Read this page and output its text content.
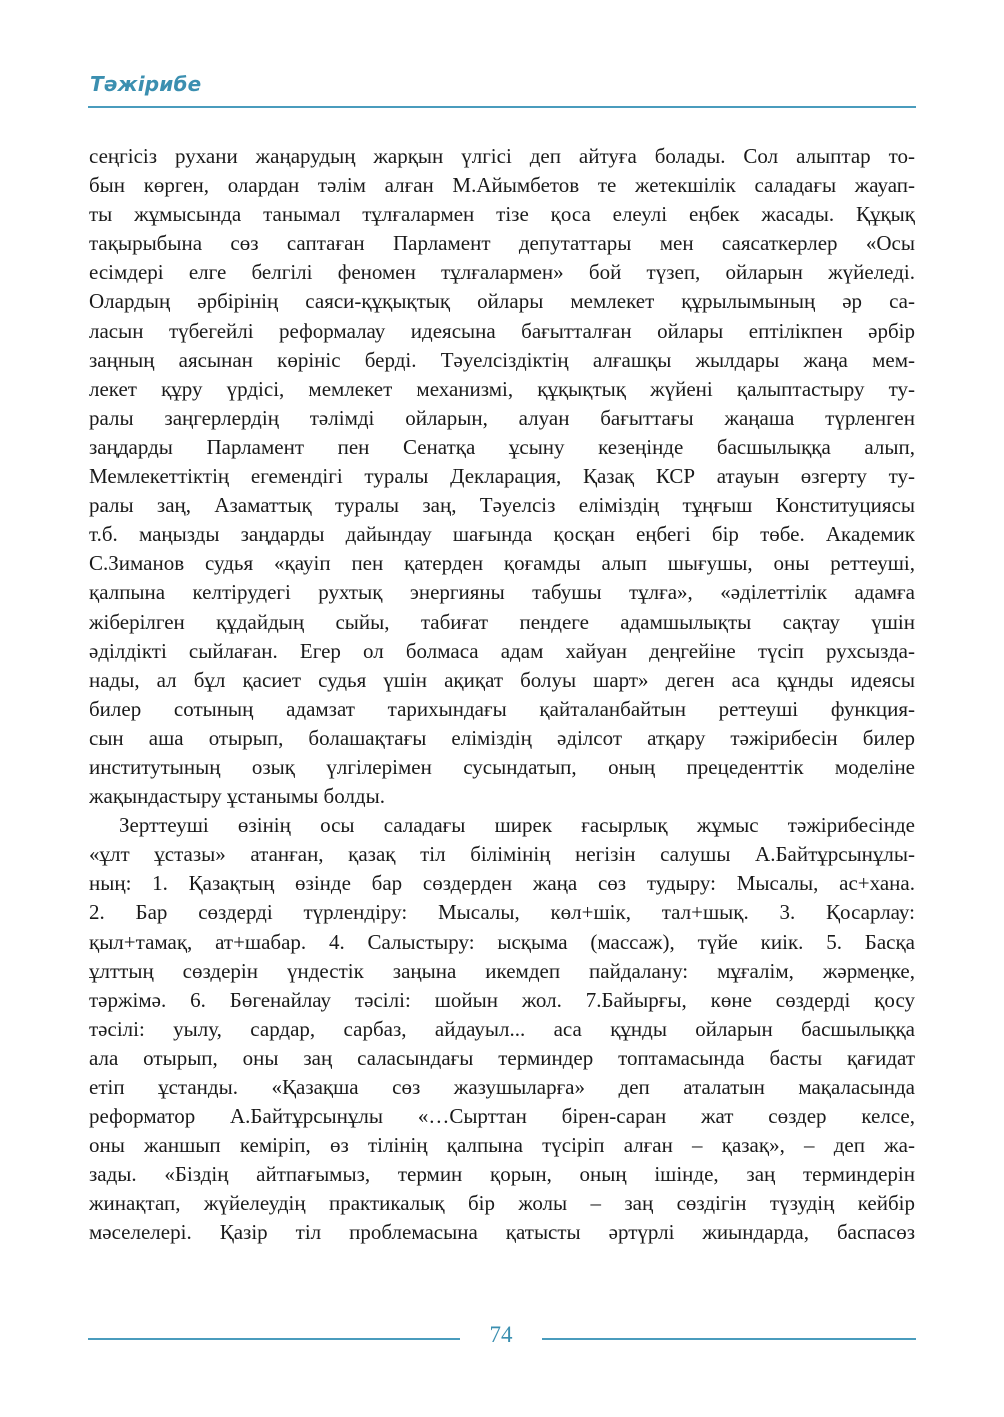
Тәжірибе
сеңгісіз рухани жаңарудың жарқын үлгісі деп айтуға болады. Сол алыптар то-
бын көрген, олардан тәлім алған М.Айымбетов те жетекшілік саладағы жауап-
ты жұмысында танымал тұлғалармен тізе қоса елеулі еңбек жасады. Құқық
тақырыбына сөз саптаған Парламент депутаттары мен саясаткерлер «Осы
есімдері елге белгілі феномен тұлғалармен» бой түзеп, ойларын жүйеледі.
Олардың әрбірінің саяси-құқықтық ойлары мемлекет құрылымының әр са-
ласын түбегейлі реформалау идеясына бағытталған ойлары ептілікпен әрбір
заңның аясынан көрініс берді. Тәуелсіздіктің алғашқы жылдары жаңа мем-
лекет құру үрдісі, мемлекет механизмі, құқықтық жүйені қалыптастыру ту-
ралы заңгерлердің тәлімді ойларын, алуан бағыттағы жаңаша түрленген
заңдарды Парламент пен Сенатқа ұсыну кезеңінде басшылыққа алып,
Мемлекеттіктің егемендігі туралы Декларация, Қазақ КСР атауын өзгерту ту-
ралы заң, Азаматтық туралы заң, Тәуелсіз еліміздің тұңғыш Конституциясы
т.б. маңызды заңдарды дайындау шағында қосқан еңбегі бір төбе. Академик
С.Зиманов судья «қауіп пен қатерден қоғамды алып шығушы, оны реттеуші,
қалпына келтірудегі рухтық энергияны табушы тұлға», «әділеттілік адамға
жіберілген құдайдың сыйы, табиғат пендеге адамшылықты сақтау үшін
әділдікті сыйлаған. Егер ол болмаса адам хайуан деңгейіне түсіп рухсызда-
нады, ал бұл қасиет судья үшін ақиқат болуы шарт» деген аса құнды идеясы
билер сотының адамзат тарихындағы қайталанбайтын реттеуші функция-
сын аша отырып, болашақтағы еліміздің әділсот атқару тәжірибесін билер
институтының озық үлгілерімен сусындатып, оның прецеденттік моделіне
жақындастыру ұстанымы болды.
Зерттеуші өзінің осы саладағы ширек ғасырлық жұмыс тәжірибесінде
«ұлт ұстазы» атанған, қазақ тіл білімінің негізін салушы А.Байтұрсынұлы-
ның: 1. Қазақтың өзінде бар сөздерден жаңа сөз тудыру: Мысалы, ас+хана.
2. Бар сөздерді түрлендіру: Мысалы, көл+шік, тал+шық. 3. Қосарлау:
қыл+тамақ, ат+шабар. 4. Салыстыру: ысқыма (массаж), түйе киік. 5. Басқа
ұлттың сөздерін үндестік заңына икемдеп пайдалану: мұғалім, жәрмеңке,
тәржімә. 6. Бөгенайлау тәсілі: шойын жол. 7.Байырғы, көне сөздерді қосу
тәсілі: уылу, сардар, сарбаз, айдауыл... аса құнды ойларын басшылыққа
ала отырып, оны заң саласындағы терминдер топтамасында басты қағидат
етіп ұстанды. «Қазақша сөз жазушыларға» деп аталатын мақаласында
реформатор А.Байтұрсынұлы «…Сырттан бірен-саран жат сөздер келсе,
оны жаншып кеміріп, өз тілінің қалпына түсіріп алған – қазақ», – деп жа-
зады. «Біздің айтпағымыз, термин қорын, оның ішінде, заң терминдерін
жинақтап, жүйелеудің практикалық бір жолы – заң сөздігін түзудің кейбір
мәселелері. Қазір тіл проблемасына қатысты әртүрлі жиындарда, баспасөз
74
